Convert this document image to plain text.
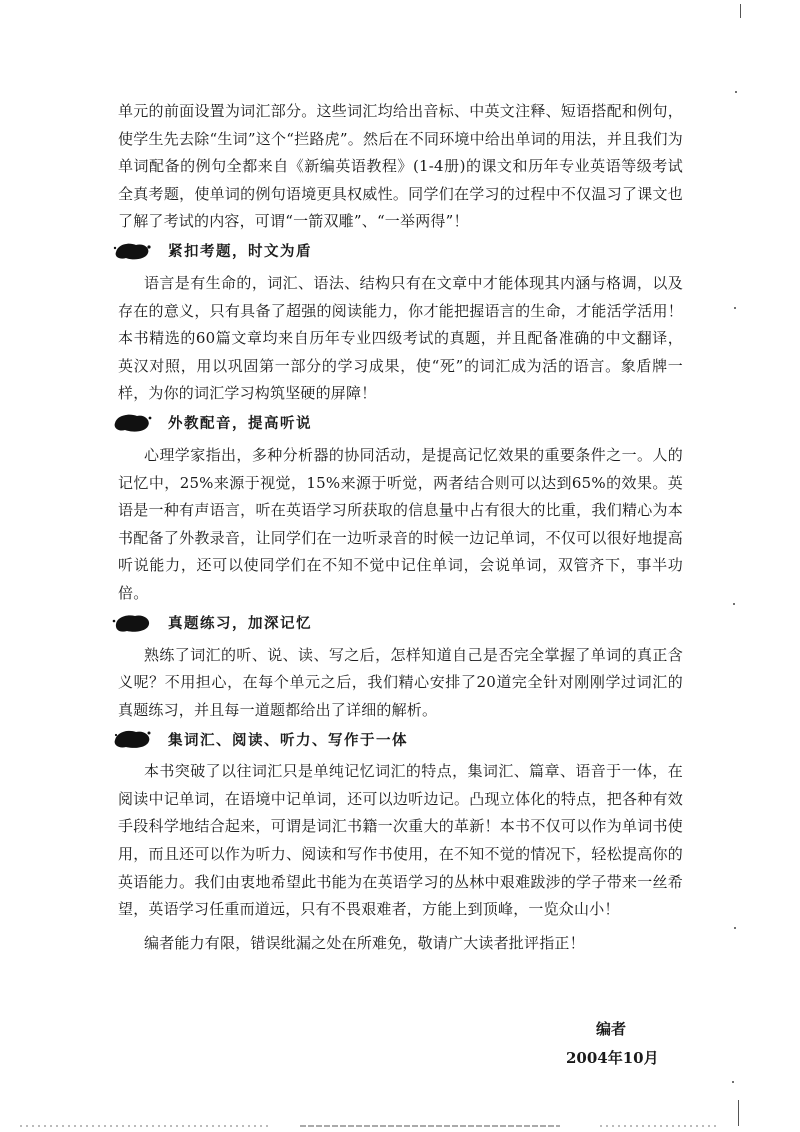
单元的前面设置为词汇部分。这些词汇均给出音标、中英文注释、短语搭配和例句，使学生先去除“生词”这个“拦路虎”。然后在不同环境中给出单词的用法，并且我们为单词配备的例句全都来自《新编英语教程》(1-4册)的课文和历年专业英语等级考试全真考题，使单词的例句语境更具权威性。同学们在学习的过程中不仅温习了课文也了解了考试的内容，可谓“一箭双雕”、“一举两得”！

紧扣考题，时文为盾

语言是有生命的，词汇、语法、结构只有在文章中才能体现其内涵与格调，以及存在的意义，只有具备了超强的阅读能力，你才能把握语言的生命，才能活学活用！本书精选的60篇文章均来自历年专业四级考试的真题，并且配备准确的中文翻译，英汉对照，用以巩固第一部分的学习成果，使“死”的词汇成为活的语言。象盾牌一样，为你的词汇学习构筑坚硬的屏障！

外教配音，提高听说

心理学家指出，多种分析器的协同活动，是提高记忆效果的重要条件之一。人的记忆中，25%来源于视觉，15%来源于听觉，两者结合则可以达到65%的效果。英语是一种有声语言，听在英语学习所获取的信息量中占有很大的比重，我们精心为本书配备了外教录音，让同学们在一边听录音的时候一边记单词，不仅可以很好地提高听说能力，还可以使同学们在不知不觉中记住单词，会说单词，双管齐下，事半功倍。

真题练习，加深记忆

熟练了词汇的听、说、读、写之后，怎样知道自己是否完全掌握了单词的真正含义呢？不用担心，在每个单元之后，我们精心安排了20道完全针对刚刚学过词汇的真题练习，并且每一道题都给出了详细的解析。

集词汇、阅读、听力、写作于一体

本书突破了以往词汇只是单纯记忆词汇的特点，集词汇、篇章、语音于一体，在阅读中记单词，在语境中记单词，还可以边听边记。凸现立体化的特点，把各种有效手段科学地结合起来，可谓是词汇书籍一次重大的革新！本书不仅可以作为单词书使用，而且还可以作为听力、阅读和写作书使用，在不知不觉的情况下，轻松提高你的英语能力。我们由衷地希望此书能为在英语学习的丛林中艰难跋涉的学子带来一丝希望，英语学习任重而道远，只有不畏艰难者，方能上到顶峰，一览众山小！

编者能力有限，错误纰漏之处在所难免，敬请广大读者批评指正！

编者
2004年10月
